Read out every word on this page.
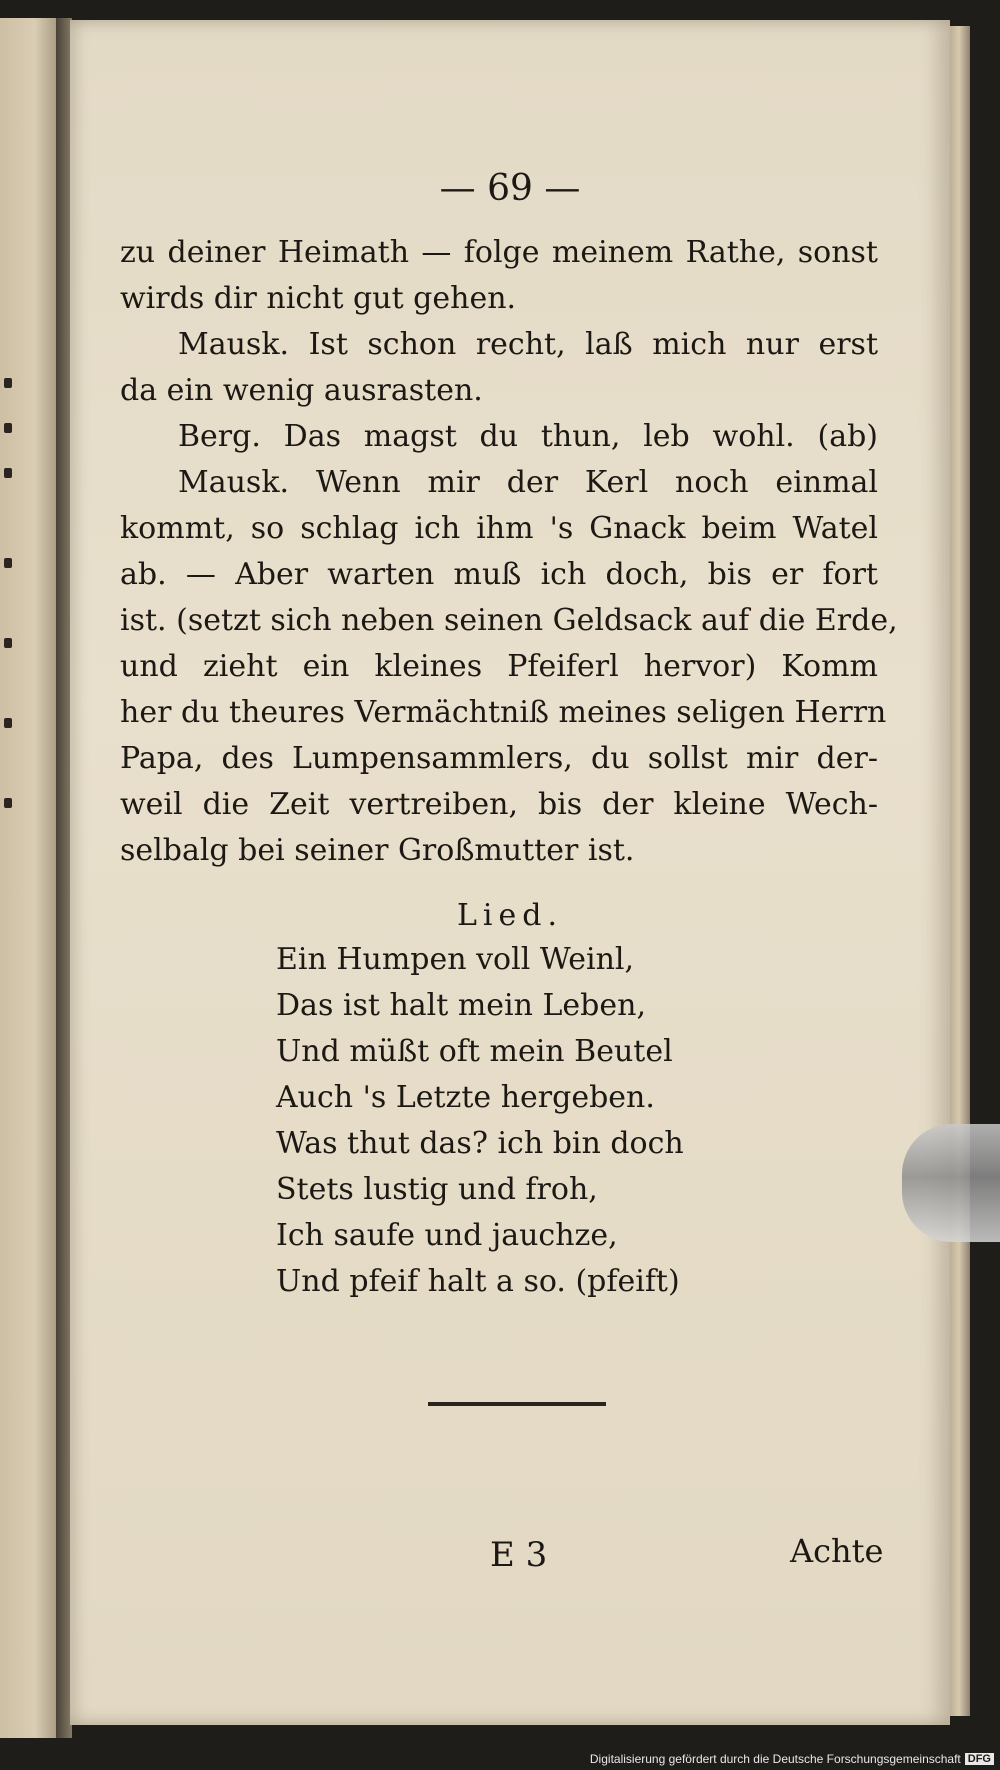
— 69 —
zu deiner Heimath — folge meinem Rathe, sonst
wirds dir nicht gut gehen.
Mausk. Ist schon recht, laß mich nur erst
da ein wenig ausrasten.
Berg. Das magst du thun, leb wohl. (ab)
Mausk. Wenn mir der Kerl noch einmal
kommt, so schlag ich ihm 's Gnack beim Watel
ab. — Aber warten muß ich doch, bis er fort
ist. (setzt sich neben seinen Geldsack auf die Erde,
und zieht ein kleines Pfeiferl hervor) Komm
her du theures Vermächtniß meines seligen Herrn
Papa, des Lumpensammlers, du sollst mir der-
weil die Zeit vertreiben, bis der kleine Wech-
selbalg bei seiner Großmutter ist.
Lied.
Ein Humpen voll Weinl,
Das ist halt mein Leben,
Und müßt oft mein Beutel
Auch 's Letzte hergeben.
Was thut das? ich bin doch
Stets lustig und froh,
Ich saufe und jauchze,
Und pfeif halt a so. (pfeift)
E 3	Achte
Digitalisierung gefördert durch die Deutsche Forschungsgemeinschaft DFG
